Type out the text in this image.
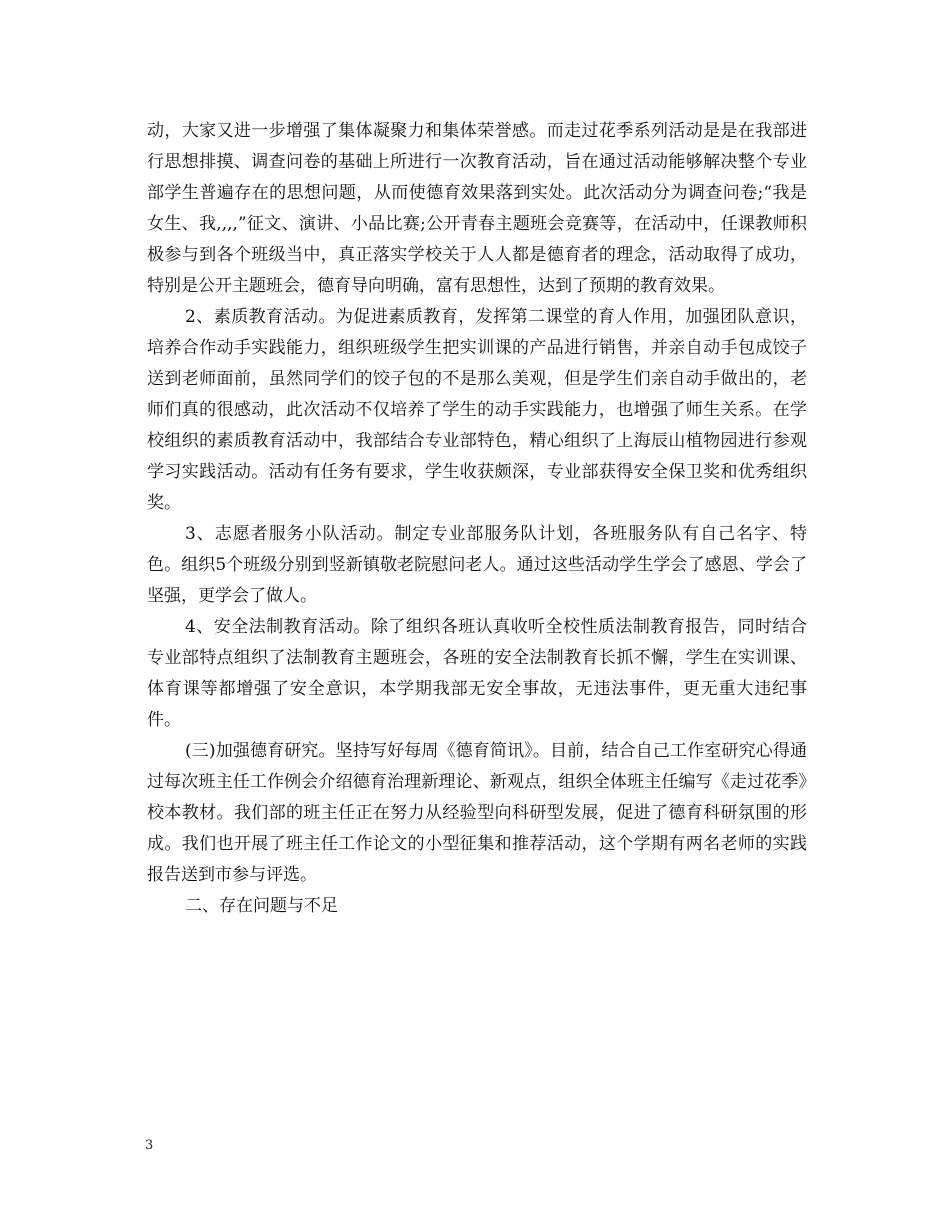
动，大家又进一步增强了集体凝聚力和集体荣誉感。而走过花季系列活动是是在我部进行思想排摸、调查问卷的基础上所进行一次教育活动，旨在通过活动能够解决整个专业部学生普遍存在的思想问题，从而使德育效果落到实处。此次活动分为调查问卷;“我是女生、我,,,,”征文、演讲、小品比赛;公开青春主题班会竞赛等，在活动中，任课教师积极参与到各个班级当中，真正落实学校关于人人都是德育者的理念，活动取得了成功，特别是公开主题班会，德育导向明确，富有思想性，达到了预期的教育效果。

2、素质教育活动。为促进素质教育，发挥第二课堂的育人作用，加强团队意识，培养合作动手实践能力，组织班级学生把实训课的产品进行销售，并亲自动手包成饺子送到老师面前，虽然同学们的饺子包的不是那么美观，但是学生们亲自动手做出的，老师们真的很感动，此次活动不仅培养了学生的动手实践能力，也增强了师生关系。在学校组织的素质教育活动中，我部结合专业部特色，精心组织了上海辰山植物园进行参观学习实践活动。活动有任务有要求，学生收获颇深，专业部获得安全保卫奖和优秀组织奖。

3、志愿者服务小队活动。制定专业部服务队计划，各班服务队有自己名字、特色。组织5个班级分别到竖新镇敬老院慰问老人。通过这些活动学生学会了感恩、学会了坚强，更学会了做人。

4、安全法制教育活动。除了组织各班认真收听全校性质法制教育报告，同时结合专业部特点组织了法制教育主题班会，各班的安全法制教育长抓不懈，学生在实训课、体育课等都增强了安全意识，本学期我部无安全事故，无违法事件，更无重大违纪事件。

(三)加强德育研究。坚持写好每周《德育简讯》。目前，结合自己工作室研究心得通过每次班主任工作例会介绍德育治理新理论、新观点，组织全体班主任编写《走过花季》校本教材。我们部的班主任正在努力从经验型向科研型发展，促进了德育科研氛围的形成。我们也开展了班主任工作论文的小型征集和推荐活动，这个学期有两名老师的实践报告送到市参与评选。

二、存在问题与不足

3
